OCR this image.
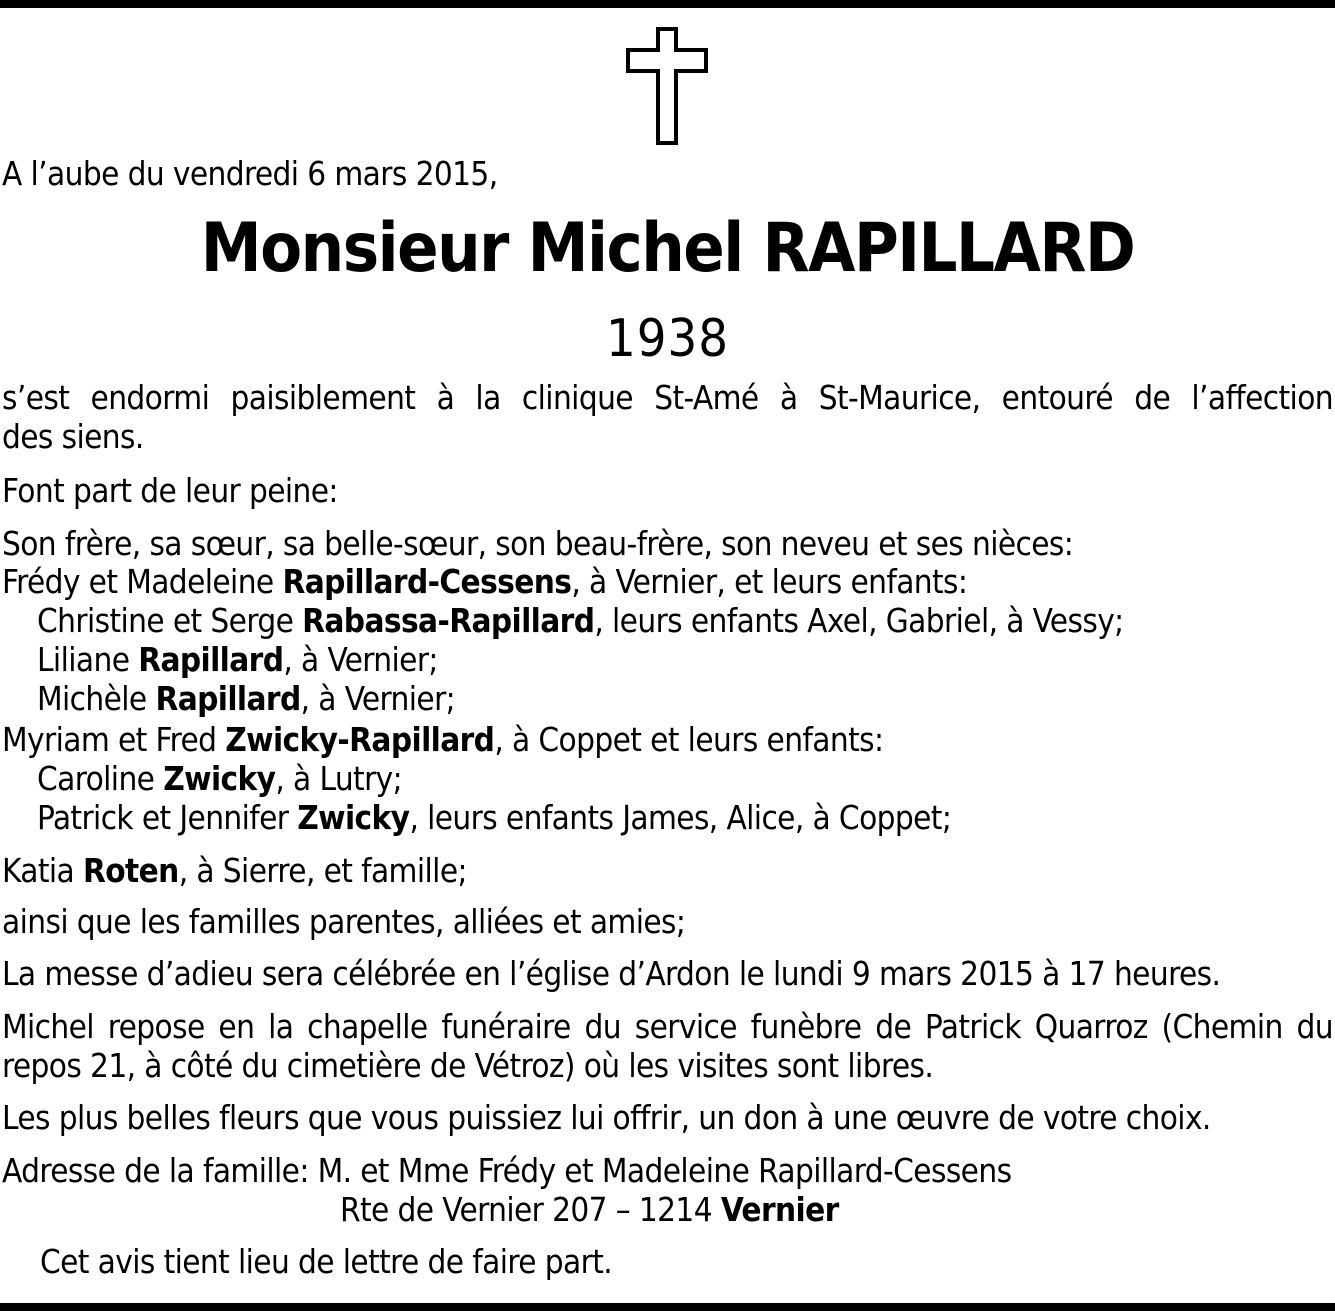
A l’aube du vendredi 6 mars 2015,
Monsieur Michel RAPILLARD
1938
s’est endormi paisiblement à la clinique St-Amé à St-Maurice, entouré de l’affection
des siens.
Font part de leur peine:
Son frère, sa sœur, sa belle-sœur, son beau-frère, son neveu et ses nièces:
Frédy et Madeleine Rapillard-Cessens, à Vernier, et leurs enfants:
Christine et Serge Rabassa-Rapillard, leurs enfants Axel, Gabriel, à Vessy;
Liliane Rapillard, à Vernier;
Michèle Rapillard, à Vernier;
Myriam et Fred Zwicky-Rapillard, à Coppet et leurs enfants:
Caroline Zwicky, à Lutry;
Patrick et Jennifer Zwicky, leurs enfants James, Alice, à Coppet;
Katia Roten, à Sierre, et famille;
ainsi que les familles parentes, alliées et amies;
La messe d’adieu sera célébrée en l’église d’Ardon le lundi 9 mars 2015 à 17 heures.
Michel repose en la chapelle funéraire du service funèbre de Patrick Quarroz (Chemin du
repos 21, à côté du cimetière de Vétroz) où les visites sont libres.
Les plus belles fleurs que vous puissiez lui offrir, un don à une œuvre de votre choix.
Adresse de la famille: M. et Mme Frédy et Madeleine Rapillard-Cessens
Rte de Vernier 207 – 1214 Vernier
Cet avis tient lieu de lettre de faire part.
